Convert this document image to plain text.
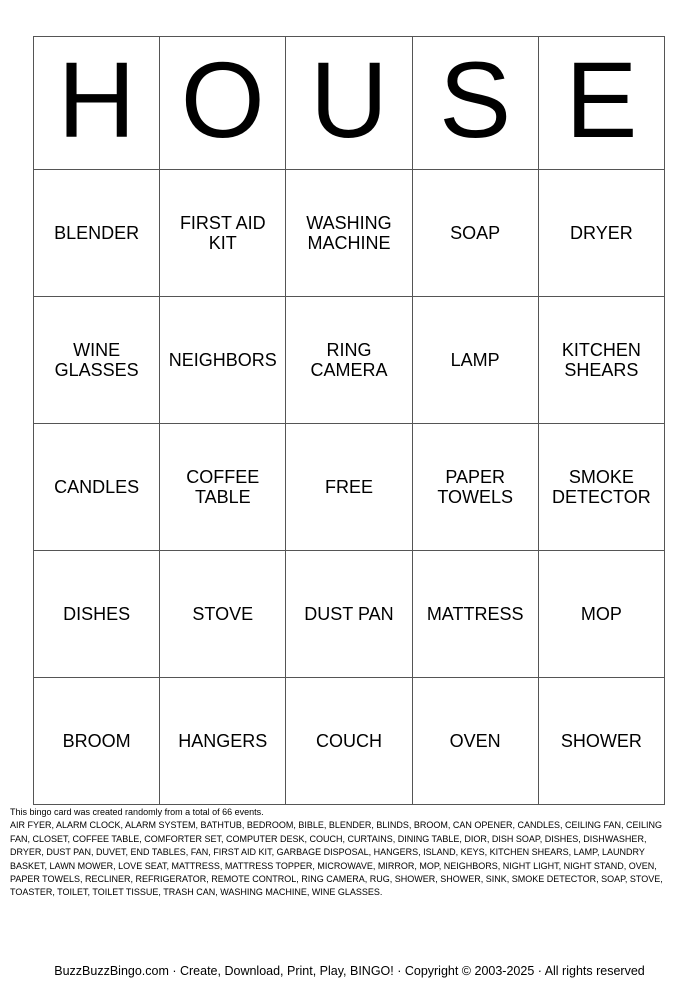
H	O	U	S	E
BLENDER	FIRST AID KIT	WASHING MACHINE	SOAP	DRYER
WINE GLASSES	NEIGHBORS	RING CAMERA	LAMP	KITCHEN SHEARS
CANDLES	COFFEE TABLE	FREE	PAPER TOWELS	SMOKE DETECTOR
DISHES	STOVE	DUST PAN	MATTRESS	MOP
BROOM	HANGERS	COUCH	OVEN	SHOWER
This bingo card was created randomly from a total of 66 events.
AIR FYER, ALARM CLOCK, ALARM SYSTEM, BATHTUB, BEDROOM, BIBLE, BLENDER, BLINDS, BROOM, CAN OPENER, CANDLES, CEILING FAN, CEILING FAN, CLOSET, COFFEE TABLE, COMFORTER SET, COMPUTER DESK, COUCH, CURTAINS, DINING TABLE, DIOR, DISH SOAP, DISHES, DISHWASHER, DRYER, DUST PAN, DUVET, END TABLES, FAN, FIRST AID KIT, GARBAGE DISPOSAL, HANGERS, ISLAND, KEYS, KITCHEN SHEARS, LAMP, LAUNDRY BASKET, LAWN MOWER, LOVE SEAT, MATTRESS, MATTRESS TOPPER, MICROWAVE, MIRROR, MOP, NEIGHBORS, NIGHT LIGHT, NIGHT STAND, OVEN, PAPER TOWELS, RECLINER, REFRIGERATOR, REMOTE CONTROL, RING CAMERA, RUG, SHOWER, SHOWER, SINK, SMOKE DETECTOR, SOAP, STOVE, TOASTER, TOILET, TOILET TISSUE, TRASH CAN, WASHING MACHINE, WINE GLASSES.
BuzzBuzzBingo.com · Create, Download, Print, Play, BINGO! · Copyright © 2003-2025 · All rights reserved
